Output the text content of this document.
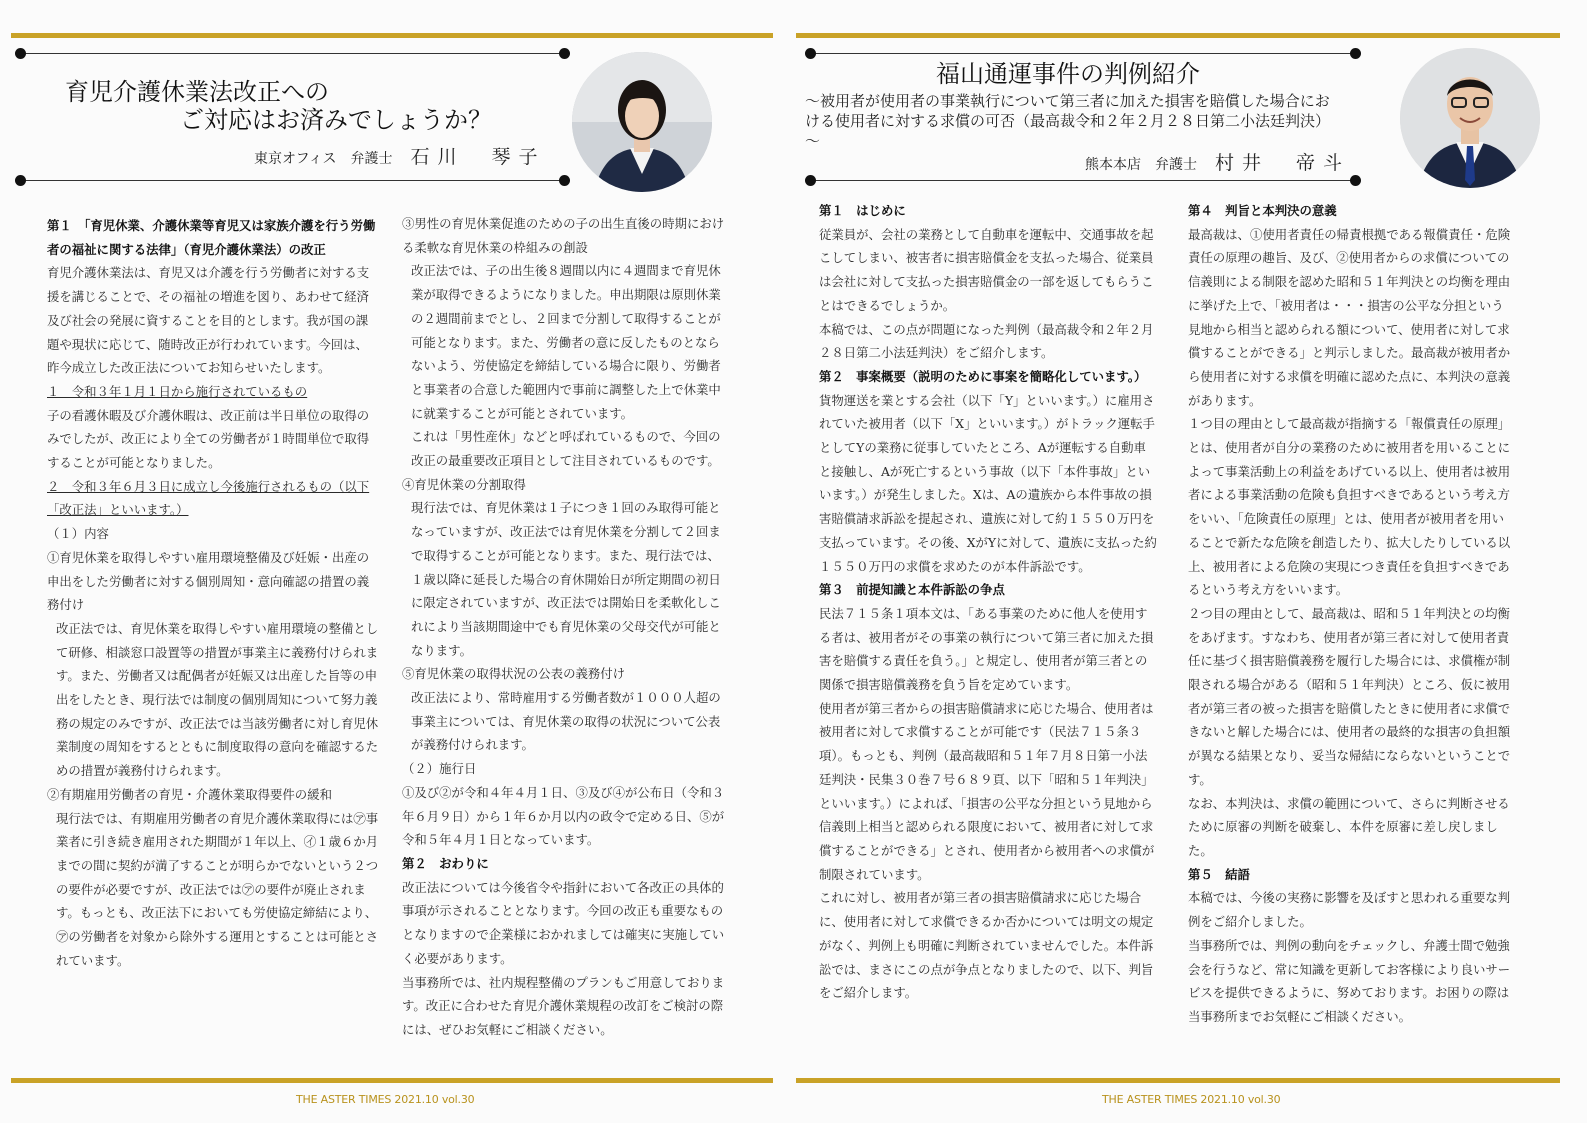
育児介護休業法改正への
ご対応はお済みでしょうか？
東京オフィス　弁護士 石川　琴子

第１　「育児休業、介護休業等育児又は家族介護を行う労働者の福祉に関する法律」（育児介護休業法）の改正

育児介護休業法は、育児又は介護を行う労働者に対する支援を講じることで、その福祉の増進を図り、あわせて経済及び社会の発展に資することを目的とします。我が国の課題や現状に応じて、随時改正が行われています。今回は、昨今成立した改正法についてお知らせいたします。

１　令和３年１月１日から施行されているもの

子の看護休暇及び介護休暇は、改正前は半日単位の取得のみでしたが、改正により全ての労働者が１時間単位で取得することが可能となりました。

２　令和３年６月３日に成立し今後施行されるもの（以下「改正法」といいます。）

（１）内容

①育児休業を取得しやすい雇用環境整備及び妊娠・出産の申出をした労働者に対する個別周知・意向確認の措置の義務付け

改正法では、育児休業を取得しやすい雇用環境の整備として研修、相談窓口設置等の措置が事業主に義務付けられます。また、労働者又は配偶者が妊娠又は出産した旨等の申出をしたとき、現行法では制度の個別周知について努力義務の規定のみですが、改正法では当該労働者に対し育児休業制度の周知をするとともに制度取得の意向を確認するための措置が義務付けられます。

②有期雇用労働者の育児・介護休業取得要件の緩和

現行法では、有期雇用労働者の育児介護休業取得には㋐事業者に引き続き雇用された期間が１年以上、㋑１歳６か月までの間に契約が満了することが明らかでないという２つの要件が必要ですが、改正法では㋐の要件が廃止されます。もっとも、改正法下においても労使協定締結により、㋐の労働者を対象から除外する運用とすることは可能とされています。

③男性の育児休業促進のための子の出生直後の時期における柔軟な育児休業の枠組みの創設

改正法では、子の出生後８週間以内に４週間まで育児休業が取得できるようになりました。申出期限は原則休業の２週間前までとし、２回まで分割して取得することが可能となります。また、労働者の意に反したものとならないよう、労使協定を締結している場合に限り、労働者と事業者の合意した範囲内で事前に調整した上で休業中に就業することが可能とされています。

これは「男性産休」などと呼ばれているもので、今回の改正の最重要改正項目として注目されているものです。

④育児休業の分割取得

現行法では、育児休業は１子につき１回のみ取得可能となっていますが、改正法では育児休業を分割して２回まで取得することが可能となります。また、現行法では、１歳以降に延長した場合の育休開始日が所定期間の初日に限定されていますが、改正法では開始日を柔軟化しこれにより当該期間途中でも育児休業の父母交代が可能となります。

⑤育児休業の取得状況の公表の義務付け

改正法により、常時雇用する労働者数が１０００人超の事業主については、育児休業の取得の状況について公表が義務付けられます。

（２）施行日

①及び②が令和４年４月１日、③及び④が公布日（令和３年６月９日）から１年６か月以内の政令で定める日、⑤が令和５年４月１日となっています。

第２　おわりに

改正法については今後省令や指針において各改正の具体的事項が示されることとなります。今回の改正も重要なものとなりますので企業様におかれましては確実に実施していく必要があります。

当事務所では、社内規程整備のプランもご用意しております。改正に合わせた育児介護休業規程の改訂をご検討の際には、ぜひお気軽にご相談ください。

THE ASTER TIMES 2021.10 vol.30
福山通運事件の判例紹介
～被用者が使用者の事業執行について第三者に加えた損害を賠償した場合における使用者に対する求償の可否（最高裁令和２年２月２８日第二小法廷判決）～
熊本本店　弁護士 村井　帝斗

第１　はじめに

従業員が、会社の業務として自動車を運転中、交通事故を起こしてしまい、被害者に損害賠償金を支払った場合、従業員は会社に対して支払った損害賠償金の一部を返してもらうことはできるでしょうか。

本稿では、この点が問題になった判例（最高裁令和２年２月２８日第二小法廷判決）をご紹介します。

第２　事案概要（説明のために事案を簡略化しています。）

貨物運送を業とする会社（以下「Y」といいます。）に雇用されていた被用者（以下「X」といいます。）がトラック運転手としてYの業務に従事していたところ、Aが運転する自動車と接触し、Aが死亡するという事故（以下「本件事故」といいます。）が発生しました。Xは、Aの遺族から本件事故の損害賠償請求訴訟を提起され、遺族に対して約１５５０万円を支払っています。その後、XがYに対して、遺族に支払った約１５５０万円の求償を求めたのが本件訴訟です。

第３　前提知識と本件訴訟の争点

民法７１５条１項本文は、「ある事業のために他人を使用する者は、被用者がその事業の執行について第三者に加えた損害を賠償する責任を負う。」と規定し、使用者が第三者との関係で損害賠償義務を負う旨を定めています。

使用者が第三者からの損害賠償請求に応じた場合、使用者は被用者に対して求償することが可能です（民法７１５条３項）。もっとも、判例（最高裁昭和５１年７月８日第一小法廷判決・民集３０巻７号６８９頁、以下「昭和５１年判決」といいます。）によれば、「損害の公平な分担という見地から信義則上相当と認められる限度において、被用者に対して求償することができる」とされ、使用者から被用者への求償が制限されています。

これに対し、被用者が第三者の損害賠償請求に応じた場合に、使用者に対して求償できるか否かについては明文の規定がなく、判例上も明確に判断されていませんでした。本件訴訟では、まさにこの点が争点となりましたので、以下、判旨をご紹介します。

第４　判旨と本判決の意義

最高裁は、①使用者責任の帰責根拠である報償責任・危険責任の原理の趣旨、及び、②使用者からの求償についての信義則による制限を認めた昭和５１年判決との均衡を理由に挙げた上で、「被用者は・・・損害の公平な分担という見地から相当と認められる額について、使用者に対して求償することができる」と判示しました。最高裁が被用者から使用者に対する求償を明確に認めた点に、本判決の意義があります。

１つ目の理由として最高裁が指摘する「報償責任の原理」とは、使用者が自分の業務のために被用者を用いることによって事業活動上の利益をあげている以上、使用者は被用者による事業活動の危険も負担すべきであるという考え方をいい、「危険責任の原理」とは、使用者が被用者を用いることで新たな危険を創造したり、拡大したりしている以上、被用者による危険の実現につき責任を負担すべきであるという考え方をいいます。

２つ目の理由として、最高裁は、昭和５１年判決との均衡をあげます。すなわち、使用者が第三者に対して使用者責任に基づく損害賠償義務を履行した場合には、求償権が制限される場合がある（昭和５１年判決）ところ、仮に被用者が第三者の被った損害を賠償したときに使用者に求償できないと解した場合には、使用者の最終的な損害の負担額が異なる結果となり、妥当な帰結にならないということです。

なお、本判決は、求償の範囲について、さらに判断させるために原審の判断を破棄し、本件を原審に差し戻しました。

第５　結語

本稿では、今後の実務に影響を及ぼすと思われる重要な判例をご紹介しました。

当事務所では、判例の動向をチェックし、弁護士間で勉強会を行うなど、常に知識を更新してお客様により良いサービスを提供できるように、努めております。お困りの際は当事務所までお気軽にご相談ください。

THE ASTER TIMES 2021.10 vol.30
